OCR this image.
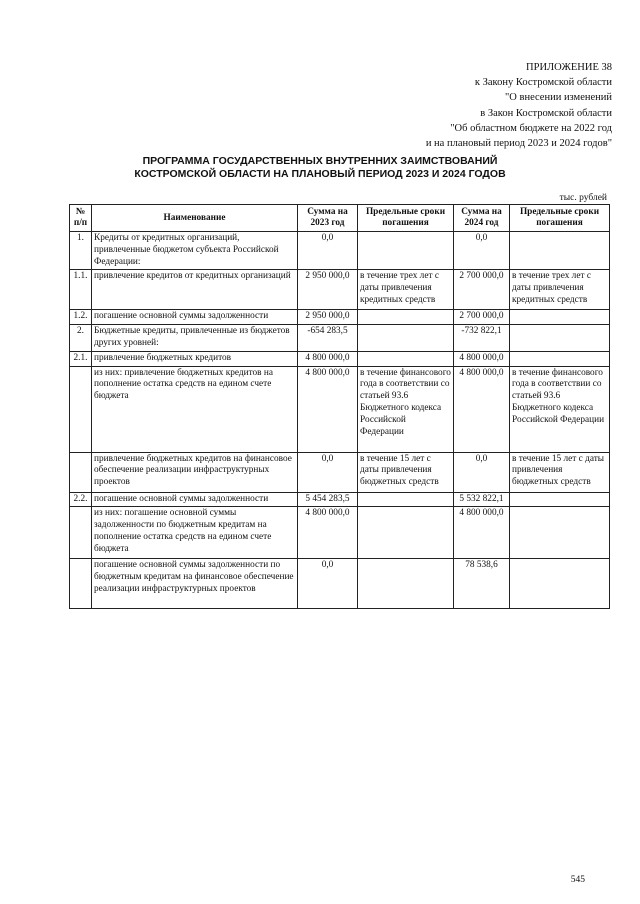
ПРИЛОЖЕНИЕ 38
к Закону Костромской области
"О внесении изменений
в Закон Костромской области
"Об областном бюджете на 2022 год
и на плановый период 2023 и 2024 годов"
ПРОГРАММА ГОСУДАРСТВЕННЫХ ВНУТРЕННИХ ЗАИМСТВОВАНИЙ
КОСТРОМСКОЙ ОБЛАСТИ НА ПЛАНОВЫЙ ПЕРИОД 2023 И 2024 ГОДОВ
тыс. рублей
№ п/п	Наименование	Сумма на 2023 год	Предельные сроки погашения	Сумма на 2024 год	Предельные сроки погашения
1.	Кредиты от кредитных организаций, привлеченные бюджетом субъекта Российской Федерации:	0,0		0,0	
1.1.	привлечение кредитов от кредитных организаций	2 950 000,0	в течение трех лет с даты привлечения кредитных средств	2 700 000,0	в течение трех лет с даты привлечения кредитных средств
1.2.	погашение основной суммы задолженности	2 950 000,0		2 700 000,0	
2.	Бюджетные кредиты, привлеченные из бюджетов других уровней:	-654 283,5		-732 822,1	
2.1.	привлечение бюджетных кредитов	4 800 000,0		4 800 000,0	
	из них: привлечение бюджетных кредитов на пополнение остатка средств на едином счете бюджета	4 800 000,0	в течение финансового года в соответствии со статьей 93.6 Бюджетного кодекса Российской Федерации	4 800 000,0	в течение финансового года в соответствии со статьей 93.6 Бюджетного кодекса Российской Федерации
	привлечение бюджетных кредитов на финансовое обеспечение реализации инфраструктурных проектов	0,0	в течение 15 лет с даты привлечения бюджетных средств	0,0	в течение 15 лет с даты привлечения бюджетных средств
2.2.	погашение основной суммы задолженности	5 454 283,5		5 532 822,1	
	из них: погашение основной суммы задолженности по бюджетным кредитам на пополнение остатка средств на едином счете бюджета	4 800 000,0		4 800 000,0	
	погашение основной суммы задолженности по бюджетным кредитам на финансовое обеспечение реализации инфраструктурных проектов	0,0		78 538,6	
545
